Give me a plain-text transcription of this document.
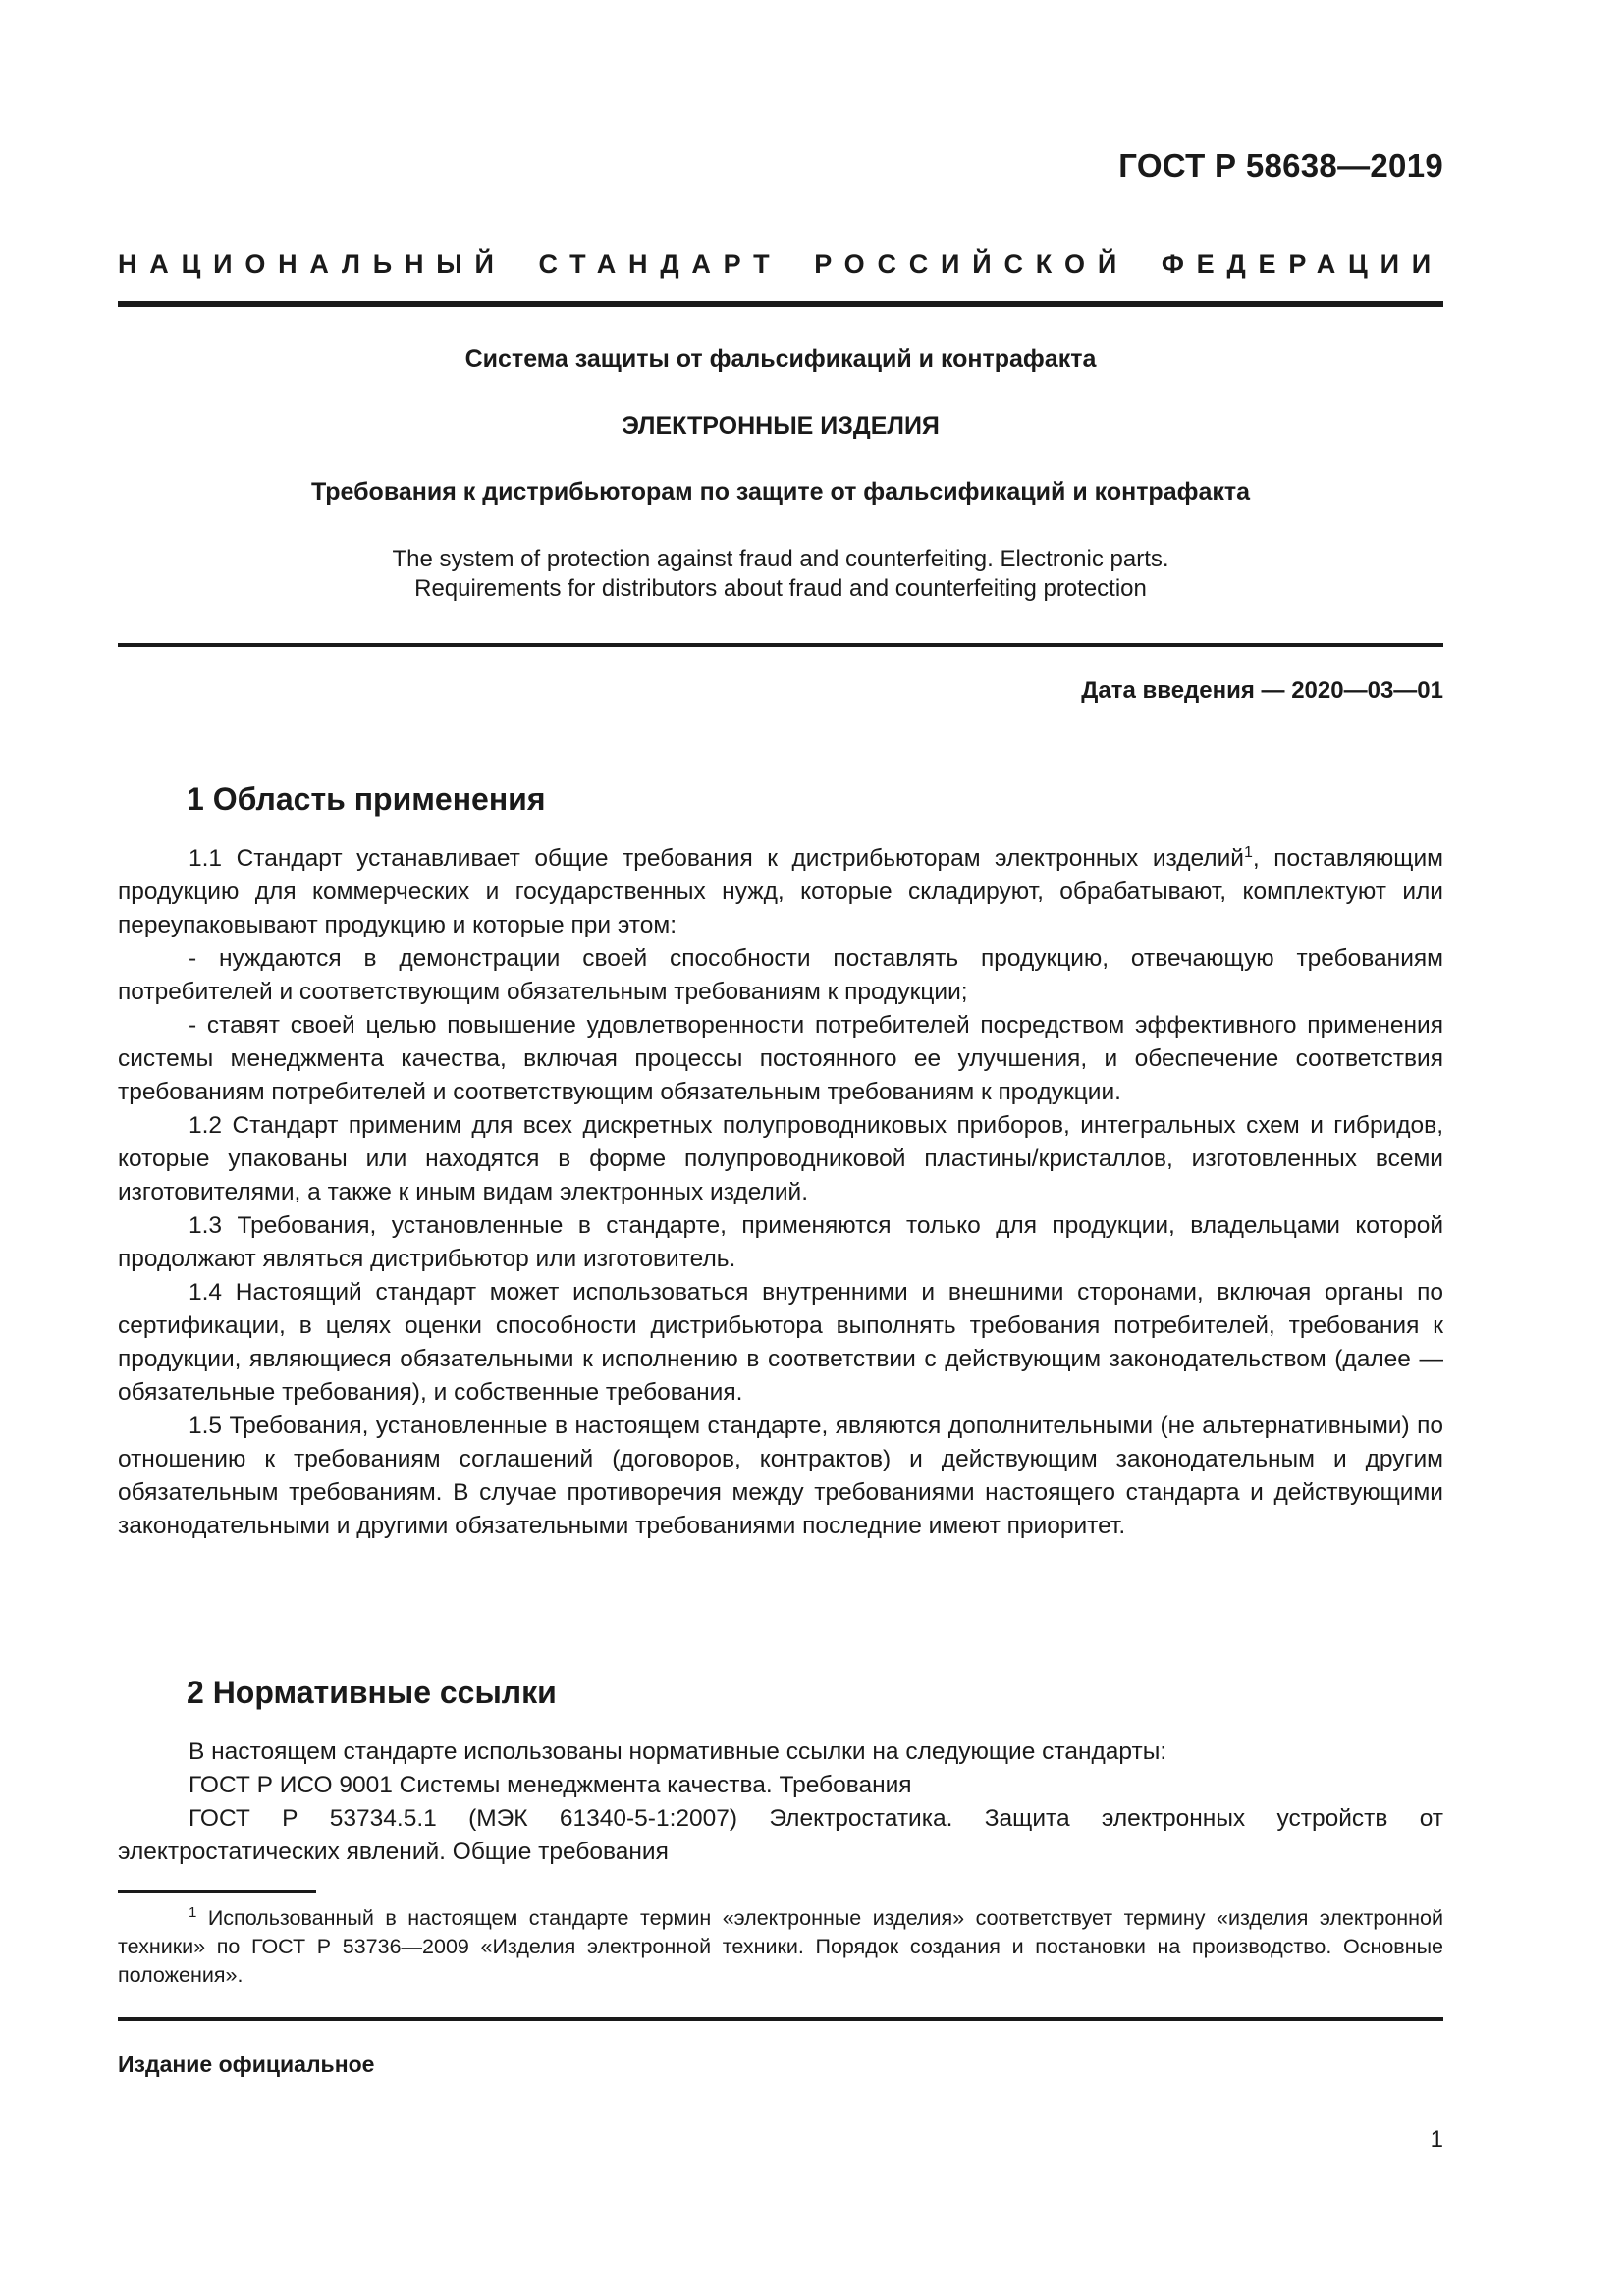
ГОСТ Р 58638—2019
НАЦИОНАЛЬНЫЙ СТАНДАРТ РОССИЙСКОЙ ФЕДЕРАЦИИ
Система защиты от фальсификаций и контрафакта
ЭЛЕКТРОННЫЕ ИЗДЕЛИЯ
Требования к дистрибьюторам по защите от фальсификаций и контрафакта
The system of protection against fraud and counterfeiting. Electronic parts.
Requirements for distributors about fraud and counterfeiting protection
Дата введения — 2020—03—01
1 Область применения

1.1 Стандарт устанавливает общие требования к дистрибьюторам электронных изделий$^1$, поставляющим продукцию для коммерческих и государственных нужд, которые складируют, обрабатывают, комплектуют или переупаковывают продукцию и которые при этом:

- нуждаются в демонстрации своей способности поставлять продукцию, отвечающую требованиям потребителей и соответствующим обязательным требованиям к продукции;

- ставят своей целью повышение удовлетворенности потребителей посредством эффективного применения системы менеджмента качества, включая процессы постоянного ее улучшения, и обеспечение соответствия требованиям потребителей и соответствующим обязательным требованиям к продукции.

1.2 Стандарт применим для всех дискретных полупроводниковых приборов, интегральных схем и гибридов, которые упакованы или находятся в форме полупроводниковой пластины/кристаллов, изготовленных всеми изготовителями, а также к иным видам электронных изделий.

1.3 Требования, установленные в стандарте, применяются только для продукции, владельцами которой продолжают являться дистрибьютор или изготовитель.

1.4 Настоящий стандарт может использоваться внутренними и внешними сторонами, включая органы по сертификации, в целях оценки способности дистрибьютора выполнять требования потребителей, требования к продукции, являющиеся обязательными к исполнению в соответствии с действующим законодательством (далее — обязательные требования), и собственные требования.

1.5 Требования, установленные в настоящем стандарте, являются дополнительными (не альтернативными) по отношению к требованиям соглашений (договоров, контрактов) и действующим законодательным и другим обязательным требованиям. В случае противоречия между требованиями настоящего стандарта и действующими законодательными и другими обязательными требованиями последние имеют приоритет.

2 Нормативные ссылки

В настоящем стандарте использованы нормативные ссылки на следующие стандарты:

ГОСТ Р ИСО 9001 Системы менеджмента качества. Требования

ГОСТ Р 53734.5.1 (МЭК 61340-5-1:2007) Электростатика. Защита электронных устройств от электростатических явлений. Общие требования

$^1$ Использованный в настоящем стандарте термин «электронные изделия» соответствует термину «изделия электронной техники» по ГОСТ Р 53736—2009 «Изделия электронной техники. Порядок создания и постановки на производство. Основные положения».

Издание официальное
1
